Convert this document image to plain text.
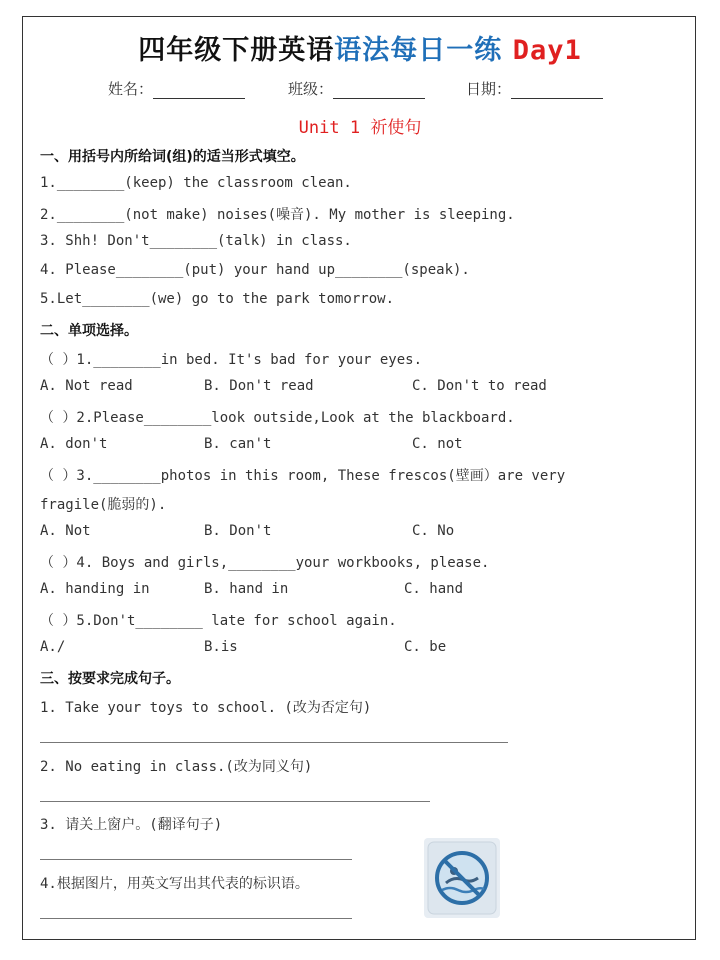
四年级下册英语语法每日一练 Day1
姓名：	班级：	日期：
Unit 1 祈使句
一、用括号内所给词(组)的适当形式填空。
1.________(keep) the classroom clean.
2.________(not make) noises(噪音). My mother is sleeping.
3. Shh! Don't________(talk) in class.
4. Please________(put) your hand up________(speak).
5.Let________(we) go to the park tomorrow.
二、单项选择。
（ ）1.________in bed. It's bad for your eyes.
A. Not read	B. Don't read	C. Don't to read
（ ）2.Please________look outside,Look at the blackboard.
A. don't	B. can't	C. not
（ ）3.________photos in this room, These frescos(壁画）are very
fragile(脆弱的).
A. Not	B. Don't	C. No
（ ）4. Boys and girls,________your workbooks, please.
A. handing in	B. hand in	C. hand
（ ）5.Don't________ late for school again.
A./	B.is	C. be
三、按要求完成句子。
1. Take your toys to school. (改为否定句)
2. No eating in class.(改为同义句)
3. 请关上窗户。(翻译句子)
4.根据图片，用英文写出其代表的标识语。
